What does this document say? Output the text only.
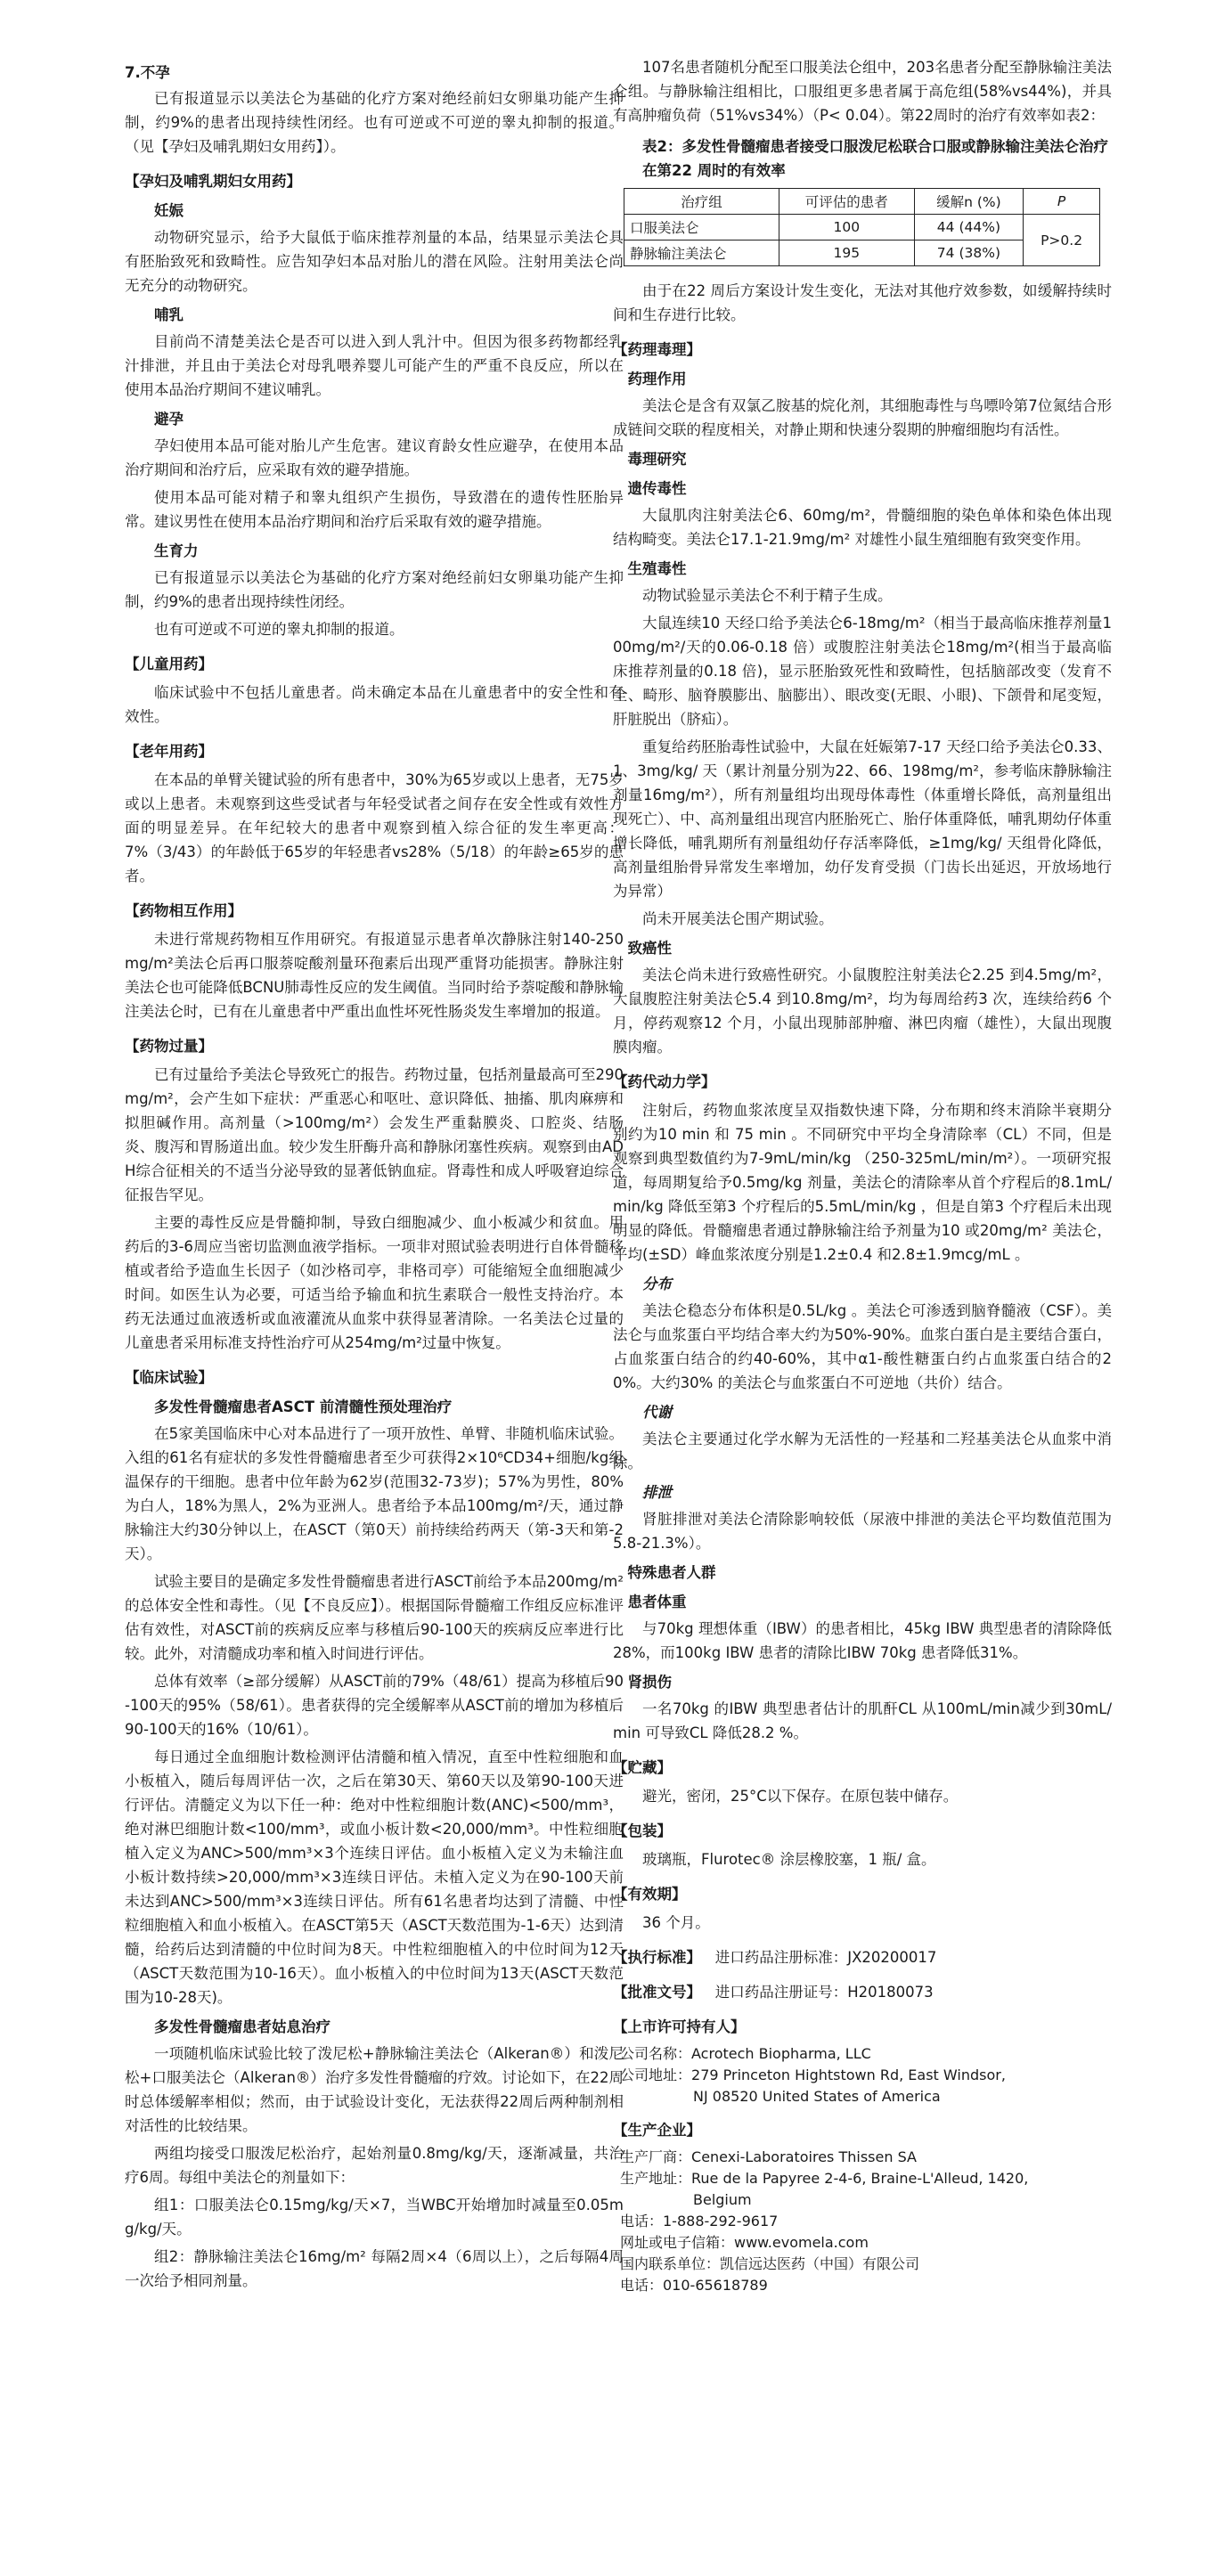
7.不孕

已有报道显示以美法仑为基础的化疗方案对绝经前妇女卵巢功能产生抑制，约9%的患者出现持续性闭经。也有可逆或不可逆的睾丸抑制的报道。（见【孕妇及哺乳期妇女用药】）。

【孕妇及哺乳期妇女用药】
妊娠

动物研究显示，给予大鼠低于临床推荐剂量的本品，结果显示美法仑具有胚胎致死和致畸性。应告知孕妇本品对胎儿的潜在风险。注射用美法仑尚无充分的动物研究。

哺乳

目前尚不清楚美法仑是否可以进入到人乳汁中。但因为很多药物都经乳汁排泄，并且由于美法仑对母乳喂养婴儿可能产生的严重不良反应，所以在使用本品治疗期间不建议哺乳。

避孕

孕妇使用本品可能对胎儿产生危害。建议育龄女性应避孕，在使用本品治疗期间和治疗后，应采取有效的避孕措施。

使用本品可能对精子和睾丸组织产生损伤，导致潜在的遗传性胚胎异常。建议男性在使用本品治疗期间和治疗后采取有效的避孕措施。

生育力

已有报道显示以美法仑为基础的化疗方案对绝经前妇女卵巢功能产生抑制，约9%的患者出现持续性闭经。

也有可逆或不可逆的睾丸抑制的报道。

【儿童用药】

临床试验中不包括儿童患者。尚未确定本品在儿童患者中的安全性和有效性。

【老年用药】

在本品的单臂关键试验的所有患者中，30%为65岁或以上患者，无75岁或以上患者。未观察到这些受试者与年轻受试者之间存在安全性或有效性方面的明显差异。在年纪较大的患者中观察到植入综合征的发生率更高：7%（3/43）的年龄低于65岁的年轻患者vs28%（5/18）的年龄≥65岁的患者。

【药物相互作用】

未进行常规药物相互作用研究。有报道显示患者单次静脉注射140-250mg/m²美法仑后再口服萘啶酸剂量环孢素后出现严重肾功能损害。静脉注射美法仑也可能降低BCNU肺毒性反应的发生阈值。当同时给予萘啶酸和静脉输注美法仑时，已有在儿童患者中严重出血性坏死性肠炎发生率增加的报道。

【药物过量】

已有过量给予美法仑导致死亡的报告。药物过量，包括剂量最高可至290mg/m²，会产生如下症状：严重恶心和呕吐、意识降低、抽搐、肌肉麻痹和拟胆碱作用。高剂量（>100mg/m²）会发生严重黏膜炎、口腔炎、结肠炎、腹泻和胃肠道出血。较少发生肝酶升高和静脉闭塞性疾病。观察到由ADH综合征相关的不适当分泌导致的显著低钠血症。肾毒性和成人呼吸窘迫综合征报告罕见。

主要的毒性反应是骨髓抑制，导致白细胞减少、血小板减少和贫血。用药后的3-6周应当密切监测血液学指标。一项非对照试验表明进行自体骨髓移植或者给予造血生长因子（如沙格司亭，非格司亭）可能缩短全血细胞减少时间。如医生认为必要，可适当给予输血和抗生素联合一般性支持治疗。本药无法通过血液透析或血液灌流从血浆中获得显著清除。一名美法仑过量的儿童患者采用标准支持性治疗可从254mg/m²过量中恢复。

【临床试验】
多发性骨髓瘤患者ASCT 前清髓性预处理治疗

在5家美国临床中心对本品进行了一项开放性、单臂、非随机临床试验。入组的61名有症状的多发性骨髓瘤患者至少可获得2×10⁶CD34+细胞/kg组温保存的干细胞。患者中位年龄为62岁(范围32-73岁)；57%为男性，80%为白人，18%为黑人，2%为亚洲人。患者给予本品100mg/m²/天，通过静脉输注大约30分钟以上，在ASCT（第0天）前持续给药两天（第-3天和第-2天）。

试验主要目的是确定多发性骨髓瘤患者进行ASCT前给予本品200mg/m²的总体安全性和毒性。（见【不良反应】）。根据国际骨髓瘤工作组反应标准评估有效性，对ASCT前的疾病反应率与移植后90-100天的疾病反应率进行比较。此外，对清髓成功率和植入时间进行评估。

总体有效率（≥部分缓解）从ASCT前的79%（48/61）提高为移植后90-100天的95%（58/61）。患者获得的完全缓解率从ASCT前的增加为移植后90-100天的16%（10/61）。

每日通过全血细胞计数检测评估清髓和植入情况，直至中性粒细胞和血小板植入，随后每周评估一次，之后在第30天、第60天以及第90-100天进行评估。清髓定义为以下任一种：绝对中性粒细胞计数(ANC)<500/mm³，绝对淋巴细胞计数<100/mm³，或血小板计数<20,000/mm³。中性粒细胞植入定义为ANC>500/mm³×3个连续日评估。血小板植入定义为未输注血小板计数持续>20,000/mm³×3连续日评估。未植入定义为在90-100天前未达到ANC>500/mm³×3连续日评估。所有61名患者均达到了清髓、中性粒细胞植入和血小板植入。在ASCT第5天（ASCT天数范围为-1-6天）达到清髓，给药后达到清髓的中位时间为8天。中性粒细胞植入的中位时间为12天（ASCT天数范围为10-16天）。血小板植入的中位时间为13天(ASCT天数范围为10-28天)。

多发性骨髓瘤患者姑息治疗

一项随机临床试验比较了泼尼松+静脉输注美法仑（Alkeran®）和泼尼松+口服美法仑（Alkeran®）治疗多发性骨髓瘤的疗效。讨论如下，在22周时总体缓解率相似；然而，由于试验设计变化，无法获得22周后两种制剂相对活性的比较结果。

两组均接受口服泼尼松治疗，起始剂量0.8mg/kg/天，逐渐减量，共治疗6周。每组中美法仑的剂量如下：

组1：口服美法仑0.15mg/kg/天×7，当WBC开始增加时减量至0.05mg/kg/天。

组2：静脉输注美法仑16mg/m² 每隔2周×4（6周以上），之后每隔4周一次给予相同剂量。

107名患者随机分配至口服美法仑组中，203名患者分配至静脉输注美法仑组。与静脉输注组相比，口服组更多患者属于高危组(58%vs44%)，并具有高肿瘤负荷（51%vs34%）（P< 0.04）。第22周时的治疗有效率如表2：

表2：多发性骨髓瘤患者接受口服泼尼松联合口服或静脉输注美法仑治疗在第22 周时的有效率
治疗组	可评估的患者	缓解n (%)	P
口服美法仑	100	44 (44%)	P>0.2
静脉输注美法仑	195	74 (38%)	

由于在22 周后方案设计发生变化，无法对其他疗效参数，如缓解持续时间和生存进行比较。

【药理毒理】
药理作用

美法仑是含有双氯乙胺基的烷化剂，其细胞毒性与鸟嘌呤第7位氮结合形成链间交联的程度相关，对静止期和快速分裂期的肿瘤细胞均有活性。

毒理研究
遗传毒性

大鼠肌肉注射美法仑6、60mg/m²，骨髓细胞的染色单体和染色体出现结构畸变。美法仑17.1-21.9mg/m² 对雄性小鼠生殖细胞有致突变作用。

生殖毒性

动物试验显示美法仑不利于精子生成。

大鼠连续10 天经口给予美法仑6-18mg/m²（相当于最高临床推荐剂量100mg/m²/天的0.06-0.18 倍）或腹腔注射美法仑18mg/m²(相当于最高临床推荐剂量的0.18 倍)，显示胚胎致死性和致畸性，包括脑部改变（发育不全、畸形、脑脊膜膨出、脑膨出）、眼改变(无眼、小眼)、下颌骨和尾变短，肝脏脱出（脐疝）。

重复给药胚胎毒性试验中，大鼠在妊娠第7-17 天经口给予美法仑0.33、1、3mg/kg/ 天（累计剂量分别为22、66、198mg/m²，参考临床静脉输注剂量16mg/m²），所有剂量组均出现母体毒性（体重增长降低，高剂量组出现死亡）、中、高剂量组出现宫内胚胎死亡、胎仔体重降低，哺乳期幼仔体重增长降低，哺乳期所有剂量组幼仔存活率降低，≥1mg/kg/ 天组骨化降低，高剂量组胎骨异常发生率增加，幼仔发育受损（门齿长出延迟，开放场地行为异常）

尚未开展美法仑围产期试验。

致癌性

美法仑尚未进行致癌性研究。小鼠腹腔注射美法仑2.25 到4.5mg/m²，大鼠腹腔注射美法仑5.4 到10.8mg/m²，均为每周给药3 次，连续给药6 个月，停药观察12 个月，小鼠出现肺部肿瘤、淋巴肉瘤（雄性），大鼠出现腹膜肉瘤。

【药代动力学】

注射后，药物血浆浓度呈双指数快速下降，分布期和终末消除半衰期分别约为10 min 和 75 min 。不同研究中平均全身清除率（CL）不同，但是观察到典型数值约为7-9mL/min/kg （250-325mL/min/m²）。一项研究报道，每周期复给予0.5mg/kg 剂量，美法仑的清除率从首个疗程后的8.1mL/min/kg 降低至第3 个疗程后的5.5mL/min/kg ，但是自第3 个疗程后未出现明显的降低。骨髓瘤患者通过静脉输注给予剂量为10 或20mg/m² 美法仑，平均(±SD）峰血浆浓度分别是1.2±0.4 和2.8±1.9mcg/mL 。

分布

美法仑稳态分布体积是0.5L/kg 。美法仑可渗透到脑脊髓液（CSF）。美法仑与血浆蛋白平均结合率大约为50%-90%。血浆白蛋白是主要结合蛋白，占血浆蛋白结合的约40-60%，其中α1-酸性糖蛋白约占血浆蛋白结合的20%。大约30% 的美法仑与血浆蛋白不可逆地（共价）结合。

代谢

美法仑主要通过化学水解为无活性的一羟基和二羟基美法仑从血浆中消除。

排泄

肾脏排泄对美法仑清除影响较低（尿液中排泄的美法仑平均数值范围为5.8-21.3%）。

特殊患者人群
患者体重

与70kg 理想体重（IBW）的患者相比，45kg IBW 典型患者的清除降低28%，而100kg IBW 患者的清除比IBW 70kg 患者降低31%。

肾损伤

一名70kg 的IBW 典型患者估计的肌酐CL 从100mL/min减少到30mL/min 可导致CL 降低28.2 %。

【贮藏】

避光，密闭，25°C以下保存。在原包装中储存。

【包装】

玻璃瓶，Flurotec® 涂层橡胶塞，1 瓶/ 盒。

【有效期】

36 个月。

【执行标准】 进口药品注册标准：JX20200017
【批准文号】 进口药品注册证号：H20180073
【上市许可持有人】

公司名称：Acrotech Biopharma, LLC

公司地址：279 Princeton Hightstown Rd, East Windsor,

NJ 08520 United States of America

【生产企业】

生产厂商：Cenexi-Laboratoires Thissen SA

生产地址：Rue de la Papyree 2-4-6, Braine-L'Alleud, 1420,

Belgium

电话：1-888-292-9617

网址或电子信箱：www.evomela.com

国内联系单位：凯信远达医药（中国）有限公司

电话：010-65618789
